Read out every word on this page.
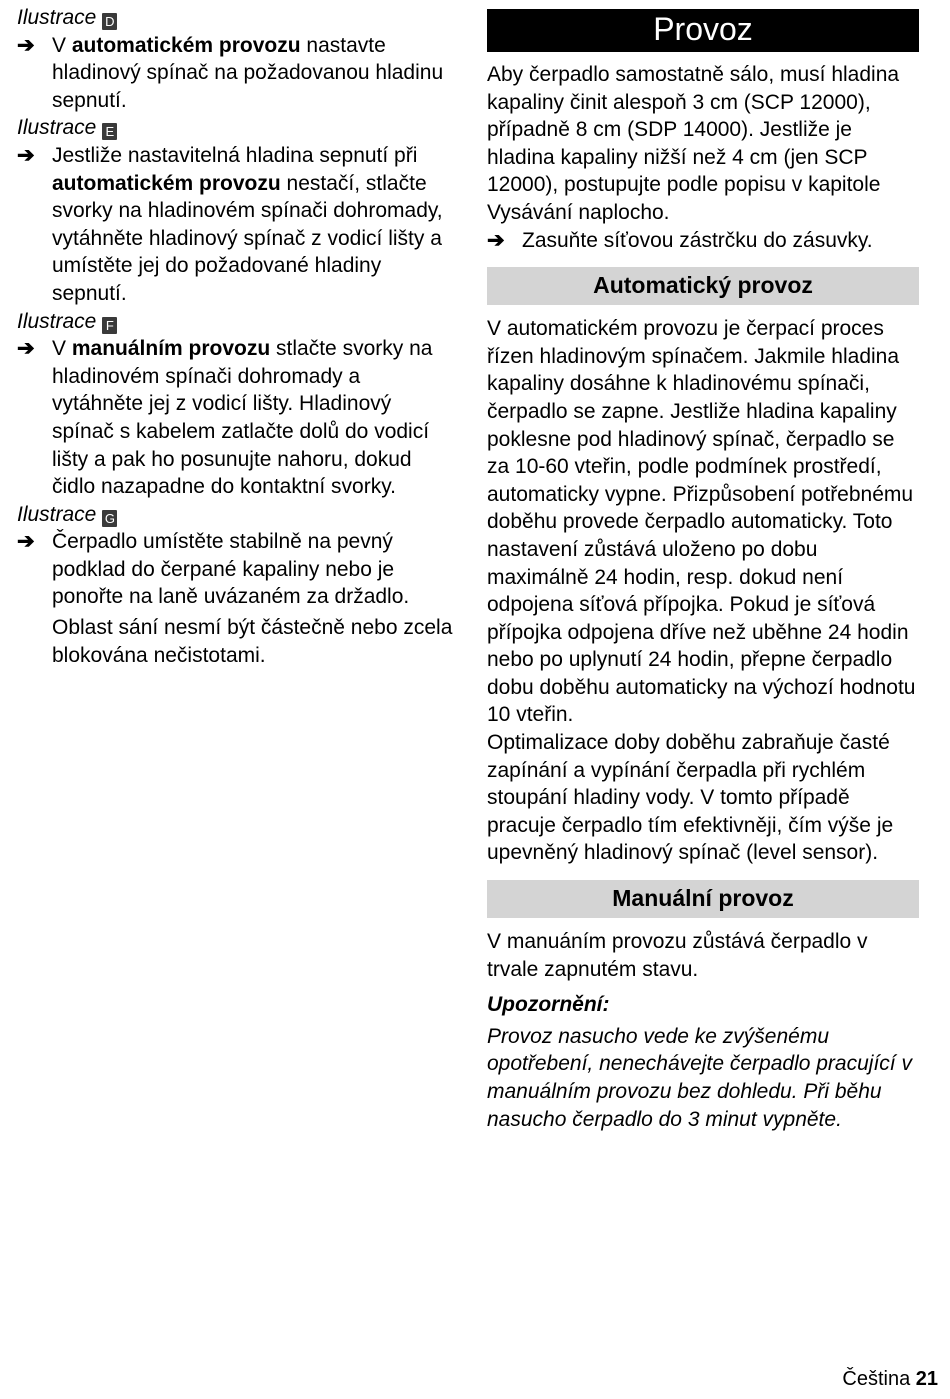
Ilustrace D

➔ V automatickém provozu nastavte hladinový spínač na požadovanou hladinu sepnutí.

Ilustrace E

➔ Jestliže nastavitelná hladina sepnutí při automatickém provozu nestačí, stlačte svorky na hladinovém spínači dohromady, vytáhněte hladinový spínač z vodicí lišty a umístěte jej do požadované hladiny sepnutí.

Ilustrace F

➔ V manuálním provozu stlačte svorky na hladinovém spínači dohromady a vytáhněte jej z vodicí lišty. Hladinový spínač s kabelem zatlačte dolů do vodicí lišty a pak ho posunujte nahoru, dokud čidlo nazapadne do kontaktní svorky.

Ilustrace G

➔ Čerpadlo umístěte stabilně na pevný podklad do čerpané kapaliny nebo je ponořte na laně uvázaném za držadlo.

Oblast sání nesmí být částečně nebo zcela blokována nečistotami.

Provoz

Aby čerpadlo samostatně sálo, musí hladina kapaliny činit alespoň 3 cm (SCP 12000), případně 8 cm (SDP 14000). Jestliže je hladina kapaliny nižší než 4 cm (jen SCP 12000), postupujte podle popisu v kapitole Vysávání naplocho.

➔ Zasuňte síťovou zástrčku do zásuvky.

Automatický provoz

V automatickém provozu je čerpací proces řízen hladinovým spínačem. Jakmile hladina kapaliny dosáhne k hladinovému spínači, čerpadlo se zapne. Jestliže hladina kapaliny poklesne pod hladinový spínač, čerpadlo se za 10-60 vteřin, podle podmínek prostředí, automaticky vypne. Přizpůsobení potřebnému doběhu provede čerpadlo automaticky. Toto nastavení zůstává uloženo po dobu maximálně 24 hodin, resp. dokud není odpojena síťová přípojka. Pokud je síťová přípojka odpojena dříve než uběhne 24 hodin nebo po uplynutí 24 hodin, přepne čerpadlo dobu doběhu automaticky na výchozí hodnotu 10 vteřin.

Optimalizace doby doběhu zabraňuje časté zapínání a vypínání čerpadla při rychlém stoupání hladiny vody. V tomto případě pracuje čerpadlo tím efektivněji, čím výše je upevněný hladinový spínač (level sensor).

Manuální provoz

V manuáním provozu zůstává čerpadlo v trvale zapnutém stavu.

Upozornění:

Provoz nasucho vede ke zvýšenému opotřebení, nenechávejte čerpadlo pracující v manuálním provozu bez dohledu. Při běhu nasucho čerpadlo do 3 minut vypněte.

Čeština 21
